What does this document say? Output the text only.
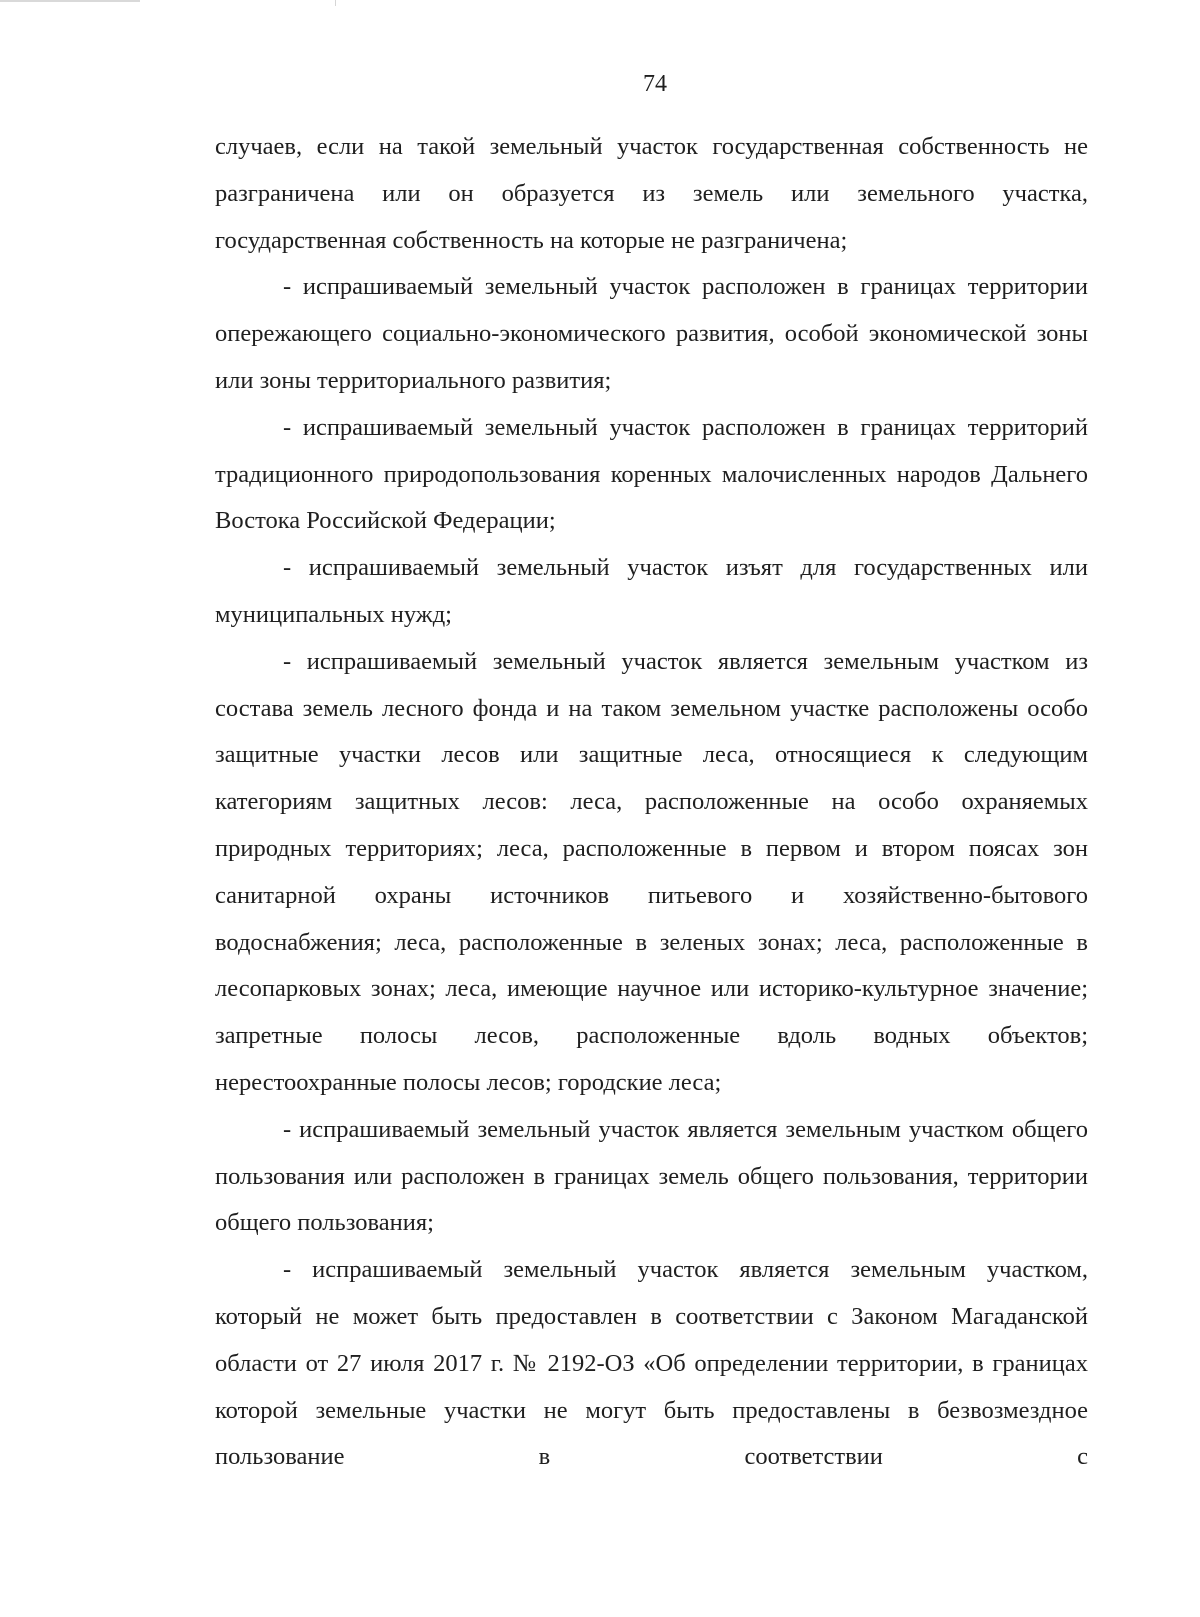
74

случаев, если на такой земельный участок государственная собственность не разграничена или он образуется из земель или земельного участка, государственная собственность на которые не разграничена;

- испрашиваемый земельный участок расположен в границах территории опережающего социально-экономического развития, особой экономической зоны или зоны территориального развития;

- испрашиваемый земельный участок расположен в границах территорий традиционного природопользования коренных малочисленных народов Дальнего Востока Российской Федерации;

- испрашиваемый земельный участок изъят для государственных или муниципальных нужд;

- испрашиваемый земельный участок является земельным участком из состава земель лесного фонда и на таком земельном участке расположены особо защитные участки лесов или защитные леса, относящиеся к следующим категориям защитных лесов: леса, расположенные на особо охраняемых природных территориях; леса, расположенные в первом и втором поясах зон санитарной охраны источников питьевого и хозяйственно-бытового водоснабжения; леса, расположенные в зеленых зонах; леса, расположенные в лесопарковых зонах; леса, имеющие научное или историко-культурное значение; запретные полосы лесов, расположенные вдоль водных объектов; нерестоохранные полосы лесов; городские леса;

- испрашиваемый земельный участок является земельным участком общего пользования или расположен в границах земель общего пользования, территории общего пользования;

- испрашиваемый земельный участок является земельным участком, который не может быть предоставлен в соответствии с Законом Магаданской области от 27 июля 2017 г. № 2192-ОЗ «Об определении территории, в границах которой земельные участки не могут быть предоставлены в безвозмездное пользование в соответствии с
